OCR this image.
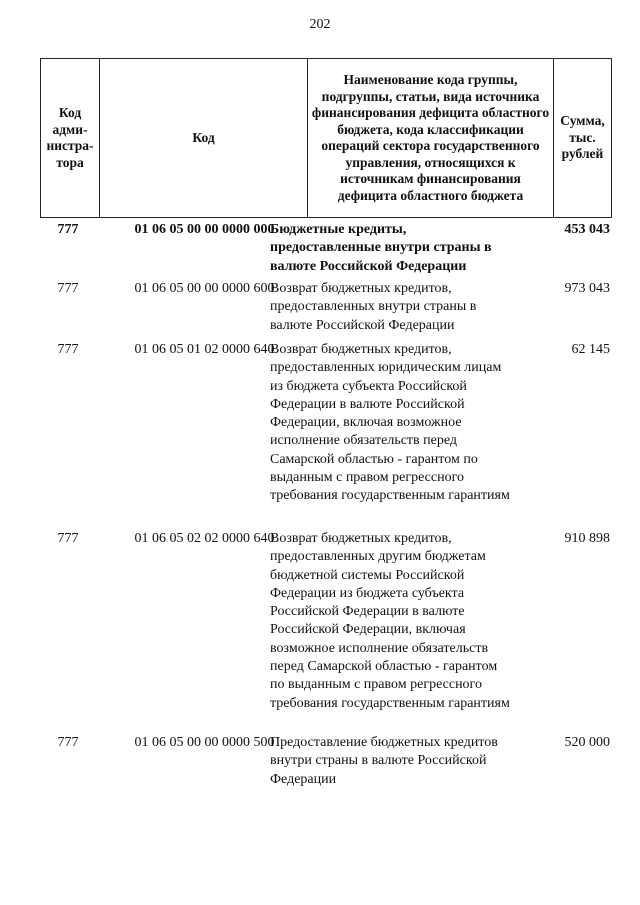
202
Код адми-нистра-тора
Код
Наименование кода группы, подгруппы, статьи, вида источника финансирования дефицита областного бюджета, кода классификации операций сектора государственного управления, относящихся к источникам финансирования дефицита областного бюджета
Сумма, тыс. рублей
777	01 06 05 00 00 0000 000
Бюджетные кредиты, предоставленные внутри страны в валюте Российской Федерации
453 043
777	01 06 05 00 00 0000 600
Возврат бюджетных кредитов, предоставленных внутри страны в валюте Российской Федерации
973 043
777	01 06 05 01 02 0000 640
Возврат бюджетных кредитов, предоставленных юридическим лицам из бюджета субъекта Российской Федерации в валюте Российской Федерации, включая возможное исполнение обязательств перед Самарской областью - гарантом по выданным с правом регрессного требования государственным гарантиям
62 145
777	01 06 05 02 02 0000 640
Возврат бюджетных кредитов, предоставленных другим бюджетам бюджетной системы Российской Федерации из бюджета субъекта Российской Федерации в валюте Российской Федерации, включая возможное исполнение обязательств перед Самарской областью - гарантом по выданным с правом регрессного требования государственным гарантиям
910 898
777	01 06 05 00 00 0000 500
Предоставление бюджетных кредитов внутри страны в валюте Российской Федерации
520 000
